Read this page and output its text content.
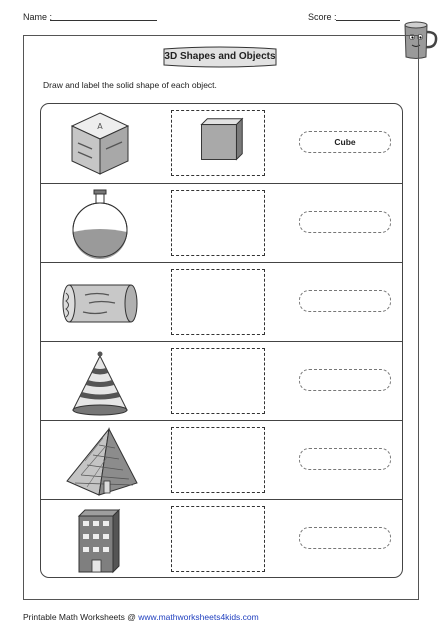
Name :	Score :
3D Shapes and Objects
Draw and label the solid shape of each object.
A
Cube
Printable Math Worksheets @ www.mathworksheets4kids.com
